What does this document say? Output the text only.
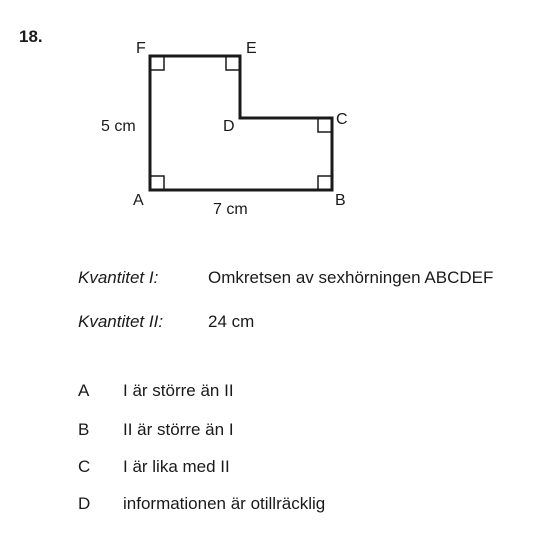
18.
F	E
D	C
A	B
5 cm
7 cm
Kvantitet I:	Omkretsen av sexhörningen ABCDEF
Kvantitet II:	24 cm
A	I är större än II
B	II är större än I
C	I är lika med II
D	informationen är otillräcklig
